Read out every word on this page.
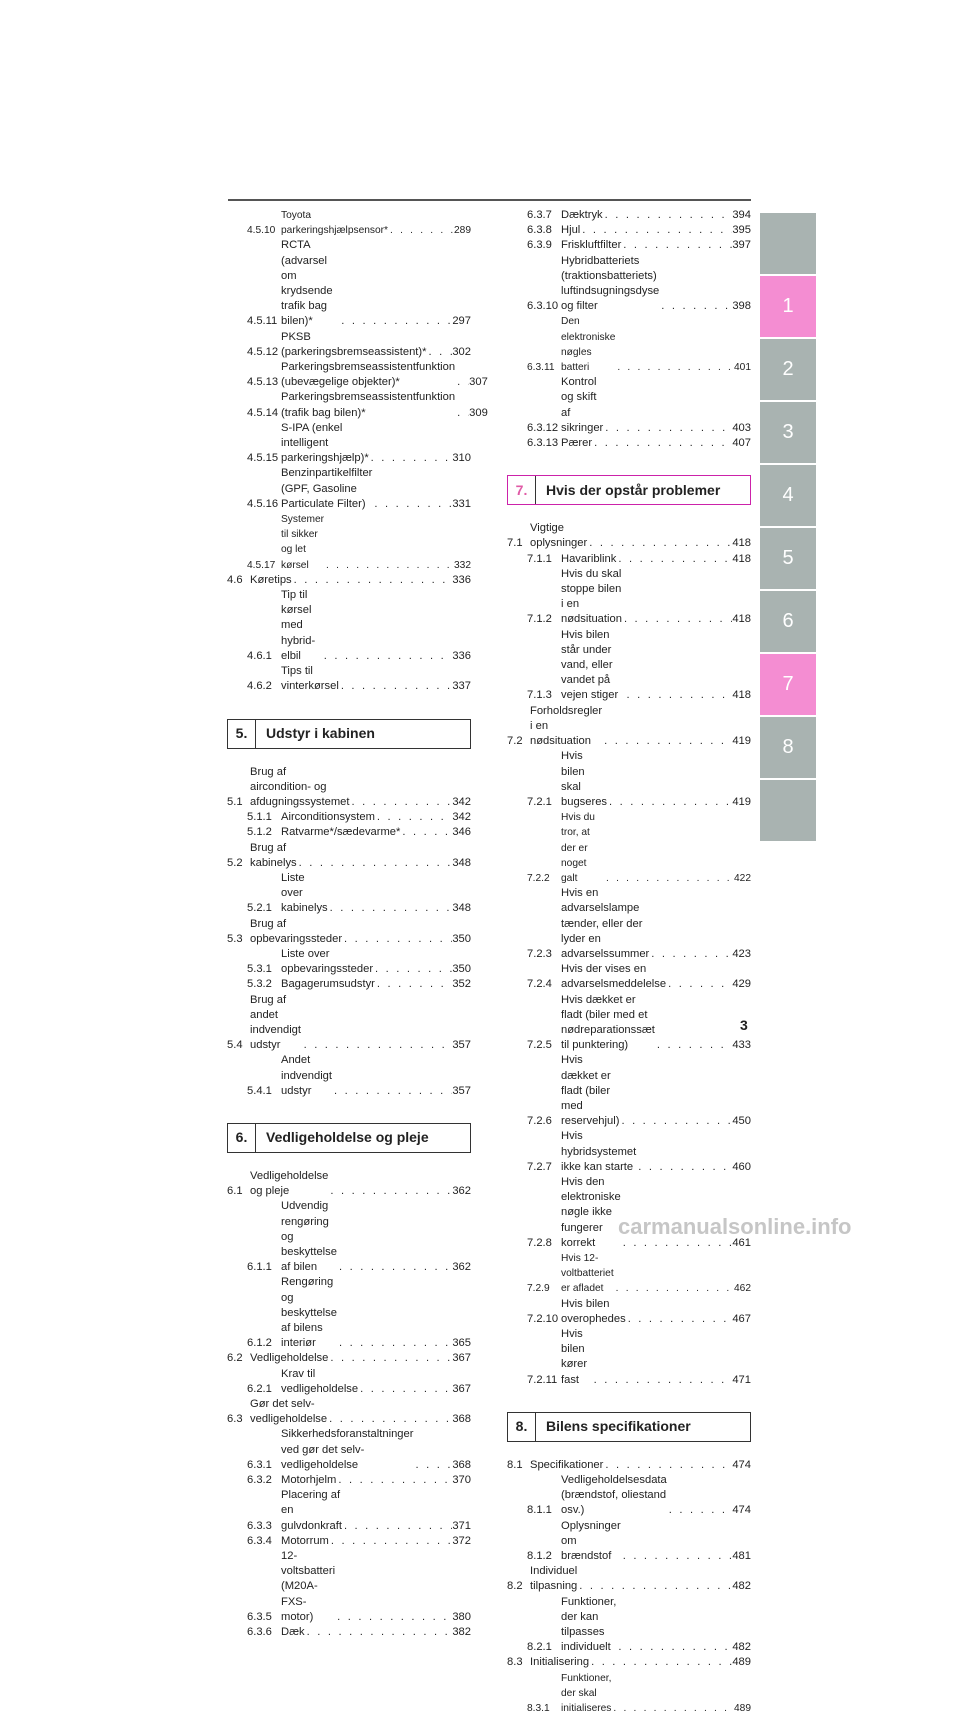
4.5.10
Toyota parkeringshjælpsensor* . . .	289
4.5.11
RCTA (advarsel om krydsende trafik bag bilen)* . . .	297
4.5.12
PKSB (parkeringsbremseassistent)* . . . 302
4.5.13
Parkeringsbremseassistentfunktion (ubevægelige objekter)* . . .	307
4.5.14
Parkeringsbremseassistentfunktion (trafik bag bilen)* . . .	309
4.5.15
S-IPA (enkel intelligent parkeringshjælp)* . . .	310
4.5.16
Benzinpartikelfilter (GPF, Gasoline Particulate Filter) . . .	331
4.5.17
Systemer til sikker og let kørsel . . .	332
4.6 Køretips . . .	336
4.6.1
Tip til kørsel med hybrid-elbil . . .	336
4.6.2
Tips til vinterkørsel . . .	337
5.	Udstyr i kabinen
5.1
Brug af aircondition- og afdugningssystemet . . .	342
5.1.1 Airconditionsystem . . .	342
5.1.2 Ratvarme*/sædevarme* . . .	346
5.2
Brug af kabinelys . . .	348
5.2.1
Liste over kabinelys . . .	348
5.3
Brug af opbevaringssteder . . .	350
5.3.1
Liste over opbevaringssteder . . .	350
5.3.2 Bagagerumsudstyr . . .	352
5.4
Brug af andet indvendigt udstyr . . .	357
5.4.1
Andet indvendigt udstyr . . .	357
6.	Vedligeholdelse og pleje
6.1
Vedligeholdelse og pleje . . .	362
6.1.1
Udvendig rengøring og beskyttelse af bilen . . .	362
6.1.2
Rengøring og beskyttelse af bilens interiør . . .	365
6.2 Vedligeholdelse . . .	367
6.2.1
Krav til vedligeholdelse . . .	367
6.3
Gør det selv-vedligeholdelse . . .	368
6.3.1
Sikkerhedsforanstaltninger ved gør det selv-vedligeholdelse . . .	368
6.3.2 Motorhjelm . . .	370
6.3.3
Placering af en gulvdonkraft . . .	371
6.3.4 Motorrum . . .	372
6.3.5
12-voltsbatteri (M20A-FXS-motor) . . .	380
6.3.6 Dæk . . .	382
6.3.7 Dæktryk . . .	394
6.3.8 Hjul . . .	395
6.3.9 Friskluftfilter . . .	397
6.3.10
Hybridbatteriets (traktionsbatteriets) luftindsugningsdyse og filter . . .	398
6.3.11
Den elektroniske nøgles batteri . . .	401
6.3.12
Kontrol og skift af sikringer . . .	403
6.3.13 Pærer . . .	407
7.	Hvis der opstår problemer
7.1
Vigtige oplysninger . . .	418
7.1.1 Havariblink . . .	418
7.1.2
Hvis du skal stoppe bilen i en nødsituation . . .	418
7.1.3
Hvis bilen står under vand, eller vandet på vejen stiger . . .	418
7.2
Forholdsregler i en nødsituation . . .	419
7.2.1
Hvis bilen skal bugseres . . .	419
7.2.2
Hvis du tror, at der er noget galt . . .	422
7.2.3
Hvis en advarselslampe tænder, eller der lyder en advarselssummer . . .	423
7.2.4
Hvis der vises en advarselsmeddelelse . . .	429
7.2.5
Hvis dækket er fladt (biler med et nødreparationssæt til punktering) . . .	433
7.2.6
Hvis dækket er fladt (biler med reservehjul) . . .	450
7.2.7
Hvis hybridsystemet ikke kan starte . . .	460
7.2.8
Hvis den elektroniske nøgle ikke fungerer korrekt . . .	461
7.2.9
Hvis 12-voltbatteriet er afladet . . .	462
7.2.10
Hvis bilen overophedes . . .	467
7.2.11
Hvis bilen kører fast . . .	471
8.	Bilens specifikationer
8.1 Specifikationer . . .	474
8.1.1
Vedligeholdelsesdata (brændstof, oliestand osv.) . . .	474
8.1.2
Oplysninger om brændstof . . .	481
8.2
Individuel tilpasning . . .	482
8.2.1
Funktioner, der kan tilpasses individuelt . . .	482
8.3 Initialisering . . .	489
8.3.1
Funktioner, der skal initialiseres . . .	489
1
2
3
4
5
6
7
8
3
carmanualsonline.info
